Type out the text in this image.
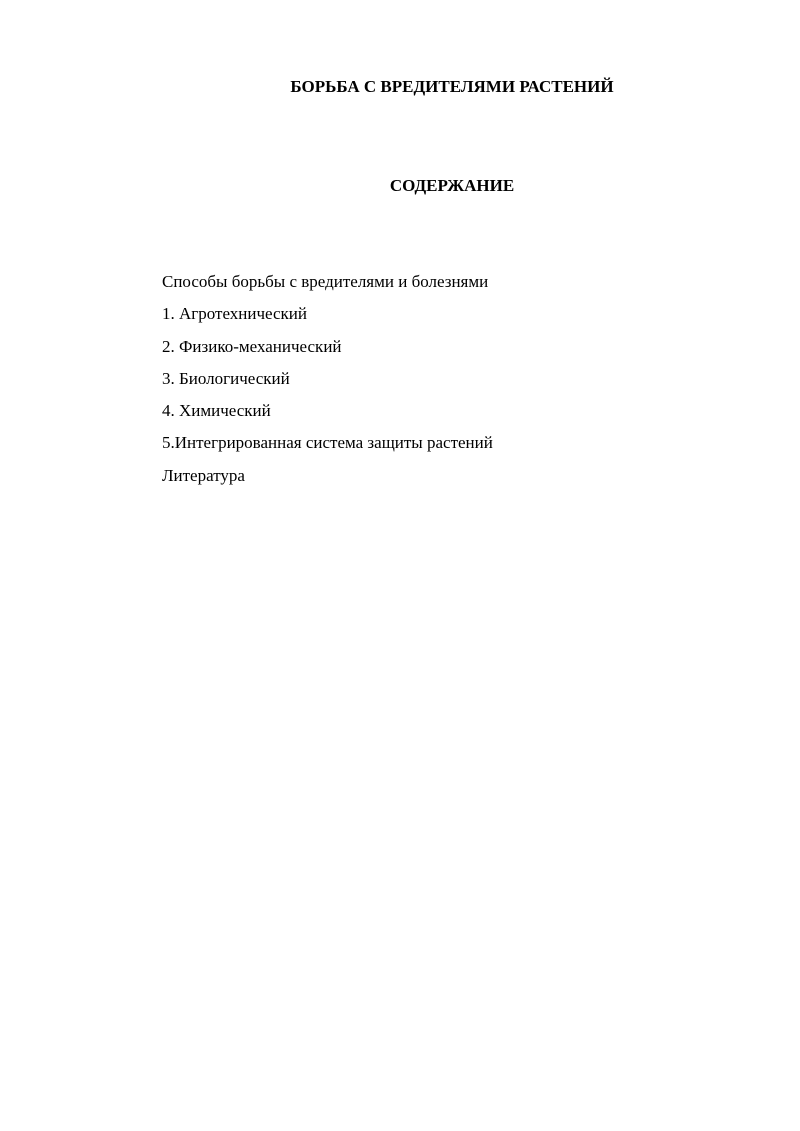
БОРЬБА С ВРЕДИТЕЛЯМИ РАСТЕНИЙ
СОДЕРЖАНИЕ
Способы борьбы с вредителями и болезнями
1. Агротехнический
2. Физико-механический
3. Биологический
4. Химический
5.Интегрированная система защиты растений
Литература
